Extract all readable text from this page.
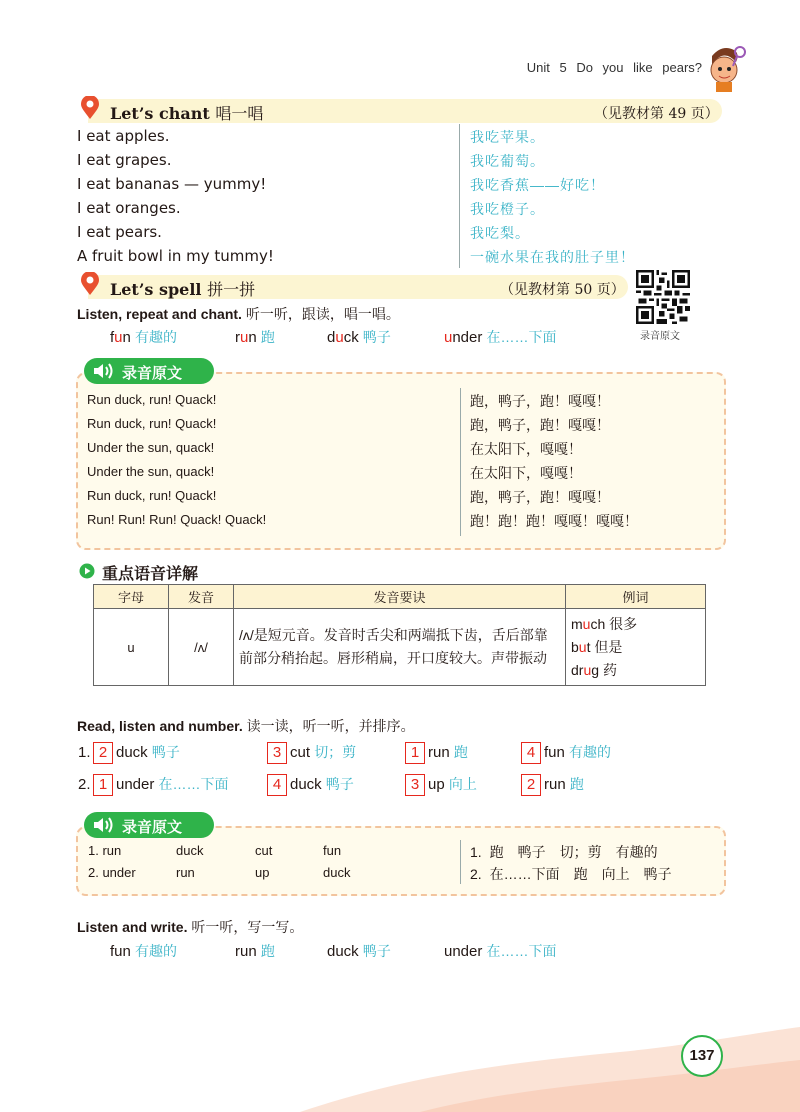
Unit 5 Do you like pears?
Let’s chant 唱一唱	（见教材第 49 页）
I eat apples.
I eat grapes.
I eat bananas — yummy!
I eat oranges.
I eat pears.
A fruit bowl in my tummy!
我吃苹果。
我吃葡萄。
我吃香蕉——好吃！
我吃橙子。
我吃梨。
一碗水果在我的肚子里！
Let’s spell 拼一拼	（见教材第 50 页）
录音原文
Listen, repeat and chant. 听一听，跟读，唱一唱。
fun 有趣的	run 跑	duck 鸭子	under 在……下面
录音原文
Run duck, run! Quack!
Run duck, run! Quack!
Under the sun, quack!
Under the sun, quack!
Run duck, run! Quack!
Run! Run! Run! Quack! Quack!
跑，鸭子，跑！嘎嘎！
跑，鸭子，跑！嘎嘎！
在太阳下，嘎嘎！
在太阳下，嘎嘎！
跑，鸭子，跑！嘎嘎！
跑！跑！跑！嘎嘎！嘎嘎！
重点语音详解
字母	发音	发音要诀	例词
u	/ʌ/	/ʌ/是短元音。发音时舌尖和两端抵下齿，舌后部靠前部分稍抬起。唇形稍扁，开口度较大。声带振动	much 很多
but 但是
drug 药
Read, listen and number. 读一读，听一听，并排序。
1. 2 duck 鸭子	3 cut 切；剪	1 run 跑	4 fun 有趣的
2. 1 under 在……下面	4 duck 鸭子	3 up 向上	2 run 跑
录音原文
1. run	duck	cut	fun
2. under	run	up	duck
1. 跑　鸭子　切；剪　有趣的
2. 在……下面　跑　向上　鸭子
Listen and write. 听一听，写一写。
fun 有趣的	run 跑	duck 鸭子	under 在……下面
137
